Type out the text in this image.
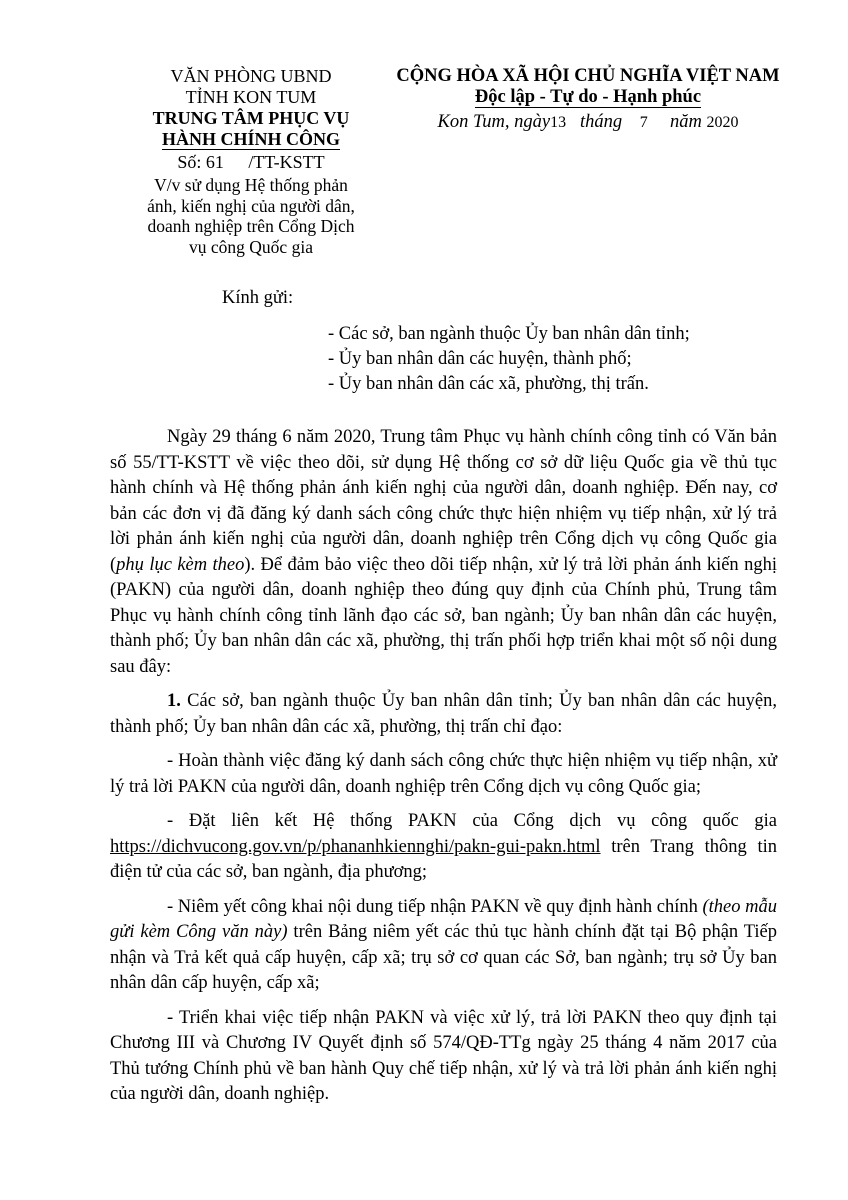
VĂN PHÒNG UBND
TỈNH KON TUM
TRUNG TÂM PHỤC VỤ
HÀNH CHÍNH CÔNG
Số: 61 /TT-KSTT
V/v sử dụng Hệ thống phản
ánh, kiến nghị của người dân,
doanh nghiệp trên Cổng Dịch
vụ công Quốc gia
CỘNG HÒA XÃ HỘI CHỦ NGHĨA VIỆT NAM
Độc lập - Tự do - Hạnh phúc
Kon Tum, ngày13 tháng 7 năm 2020
Kính gửi:
- Các sở, ban ngành thuộc Ủy ban nhân dân tỉnh;
- Ủy ban nhân dân các huyện, thành phố;
- Ủy ban nhân dân các xã, phường, thị trấn.

Ngày 29 tháng 6 năm 2020, Trung tâm Phục vụ hành chính công tỉnh có Văn bản số 55/TT-KSTT về việc theo dõi, sử dụng Hệ thống cơ sở dữ liệu Quốc gia về thủ tục hành chính và Hệ thống phản ánh kiến nghị của người dân, doanh nghiệp. Đến nay, cơ bản các đơn vị đã đăng ký danh sách công chức thực hiện nhiệm vụ tiếp nhận, xử lý trả lời phản ánh kiến nghị của người dân, doanh nghiệp trên Cổng dịch vụ công Quốc gia (phụ lục kèm theo). Để đảm bảo việc theo dõi tiếp nhận, xử lý trả lời phản ánh kiến nghị (PAKN) của người dân, doanh nghiệp theo đúng quy định của Chính phủ, Trung tâm Phục vụ hành chính công tỉnh lãnh đạo các sở, ban ngành; Ủy ban nhân dân các huyện, thành phố; Ủy ban nhân dân các xã, phường, thị trấn phối hợp triển khai một số nội dung sau đây:

1. Các sở, ban ngành thuộc Ủy ban nhân dân tỉnh; Ủy ban nhân dân các huyện, thành phố; Ủy ban nhân dân các xã, phường, thị trấn chỉ đạo:

- Hoàn thành việc đăng ký danh sách công chức thực hiện nhiệm vụ tiếp nhận, xử lý trả lời PAKN của người dân, doanh nghiệp trên Cổng dịch vụ công Quốc gia;

- Đặt liên kết Hệ thống PAKN của Cổng dịch vụ công quốc gia https://dichvucong.gov.vn/p/phananhkiennghi/pakn-gui-pakn.html trên Trang thông tin điện tử của các sở, ban ngành, địa phương;

- Niêm yết công khai nội dung tiếp nhận PAKN về quy định hành chính (theo mẫu gửi kèm Công văn này) trên Bảng niêm yết các thủ tục hành chính đặt tại Bộ phận Tiếp nhận và Trả kết quả cấp huyện, cấp xã; trụ sở cơ quan các Sở, ban ngành; trụ sở Ủy ban nhân dân cấp huyện, cấp xã;

- Triển khai việc tiếp nhận PAKN và việc xử lý, trả lời PAKN theo quy định tại Chương III và Chương IV Quyết định số 574/QĐ-TTg ngày 25 tháng 4 năm 2017 của Thủ tướng Chính phủ về ban hành Quy chế tiếp nhận, xử lý và trả lời phản ánh kiến nghị của người dân, doanh nghiệp.
